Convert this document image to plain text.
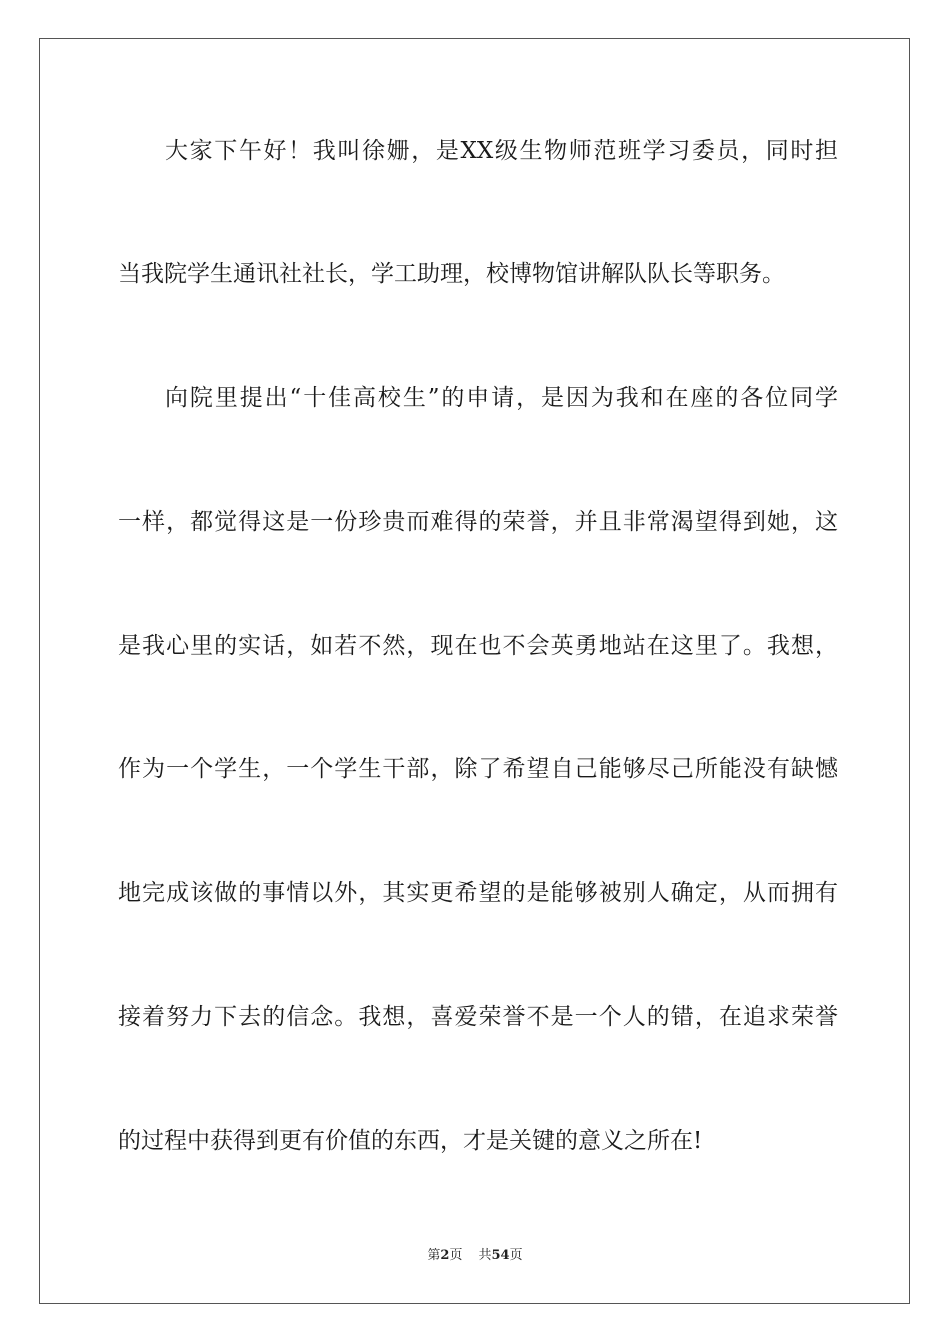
大家下午好！我叫徐姗，是XX级生物师范班学习委员，同时担
当我院学生通讯社社长，学工助理，校博物馆讲解队队长等职务。
向院里提出“十佳高校生”的申请，是因为我和在座的各位同学
一样，都觉得这是一份珍贵而难得的荣誉，并且非常渴望得到她，这
是我心里的实话，如若不然，现在也不会英勇地站在这里了。我想，
作为一个学生，一个学生干部，除了希望自己能够尽己所能没有缺憾
地完成该做的事情以外，其实更希望的是能够被别人确定，从而拥有
接着努力下去的信念。我想，喜爱荣誉不是一个人的错，在追求荣誉
的过程中获得到更有价值的东西，才是关键的意义之所在!
第2页 共54页
